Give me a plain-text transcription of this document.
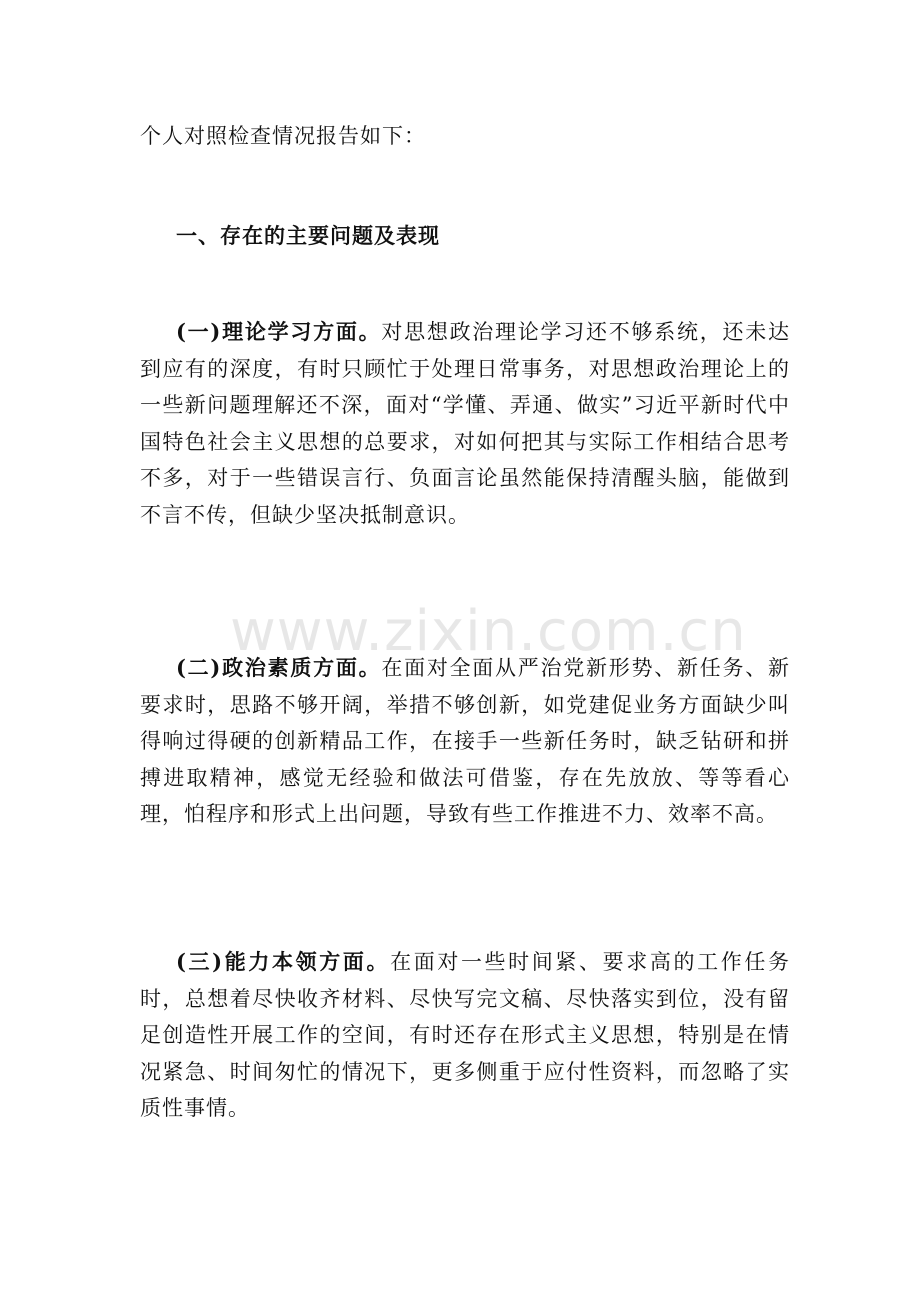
个人对照检查情况报告如下：
一、存在的主要问题及表现
(一)理论学习方面。对思想政治理论学习还不够系统，还未达到应有的深度，有时只顾忙于处理日常事务，对思想政治理论上的一些新问题理解还不深，面对“学懂、弄通、做实”习近平新时代中国特色社会主义思想的总要求，对如何把其与实际工作相结合思考不多，对于一些错误言行、负面言论虽然能保持清醒头脑，能做到不言不传，但缺少坚决抵制意识。
(二)政治素质方面。在面对全面从严治党新形势、新任务、新要求时，思路不够开阔，举措不够创新，如党建促业务方面缺少叫得响过得硬的创新精品工作，在接手一些新任务时，缺乏钻研和拼搏进取精神，感觉无经验和做法可借鉴，存在先放放、等等看心理，怕程序和形式上出问题，导致有些工作推进不力、效率不高。
(三)能力本领方面。在面对一些时间紧、要求高的工作任务时，总想着尽快收齐材料、尽快写完文稿、尽快落实到位，没有留足创造性开展工作的空间，有时还存在形式主义思想，特别是在情况紧急、时间匆忙的情况下，更多侧重于应付性资料，而忽略了实质性事情。
www.zixin.com.cn
